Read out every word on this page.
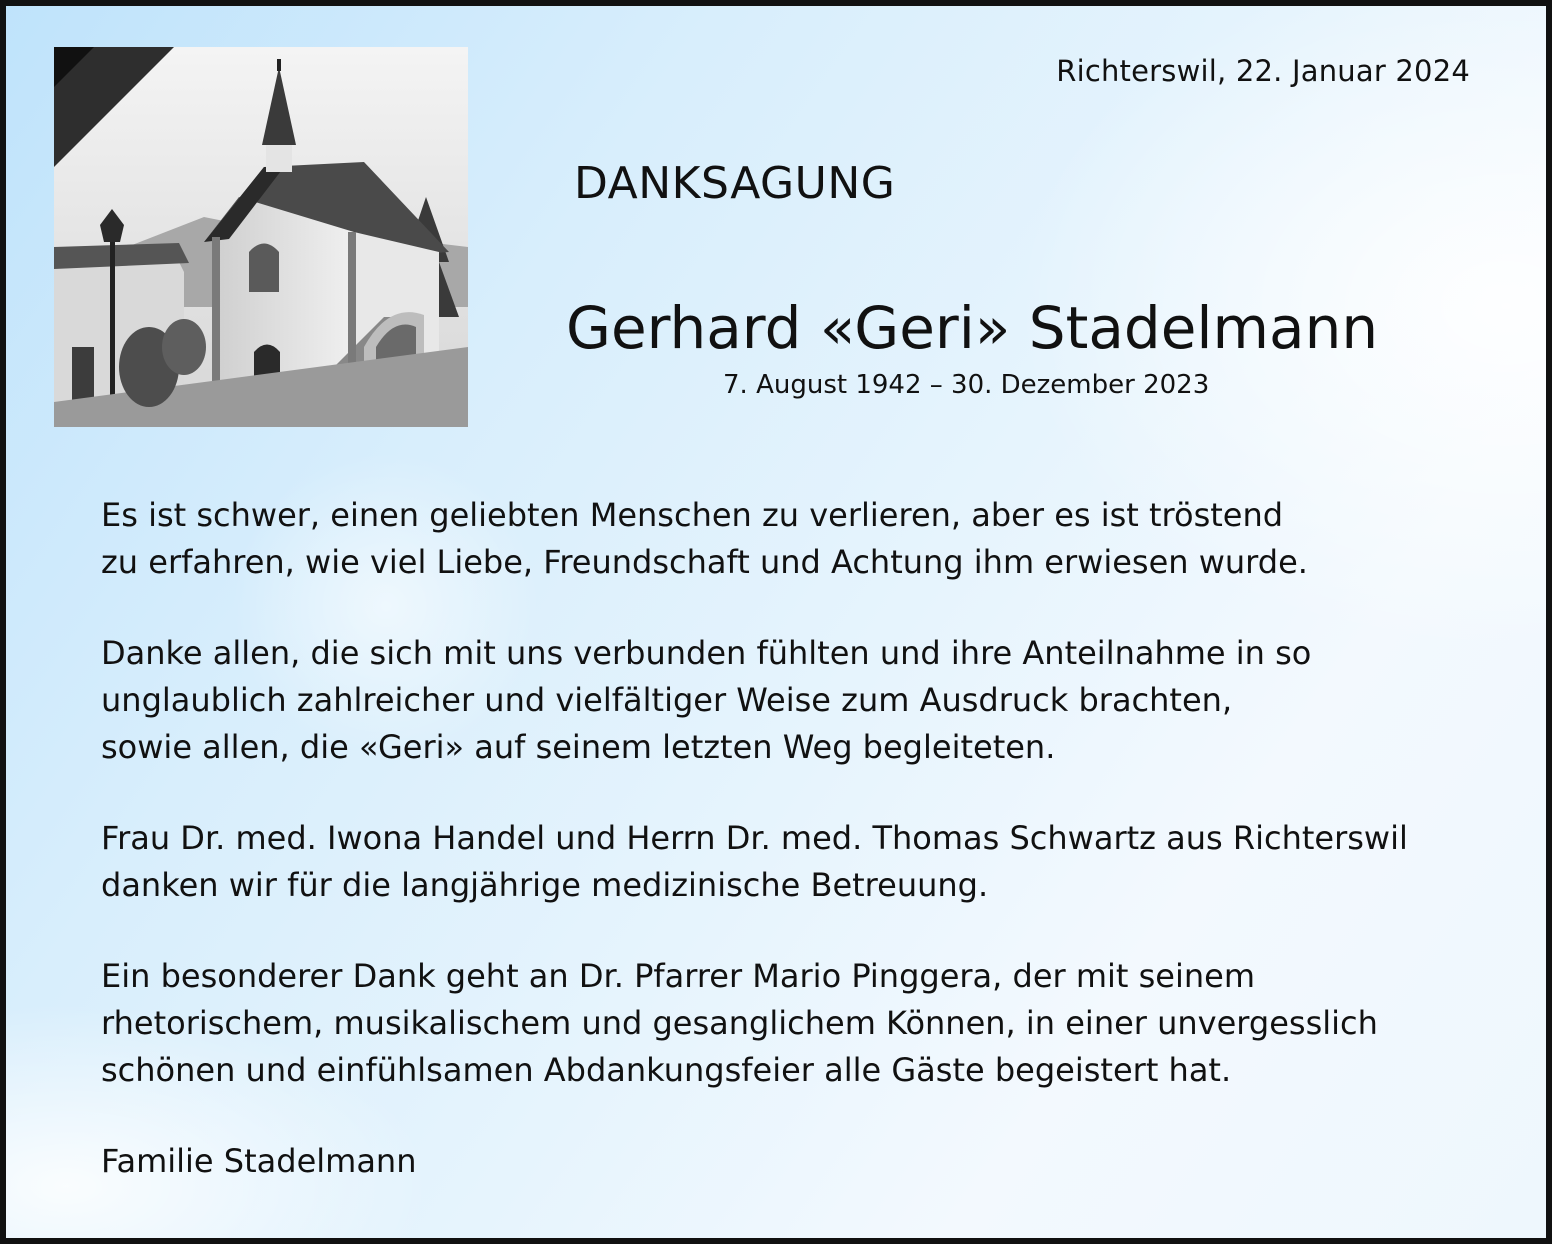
Richterswil, 22. Januar 2024
DANKSAGUNG
Gerhard «Geri» Stadelmann
7. August 1942 – 30. Dezember 2023
Es ist schwer, einen geliebten Menschen zu verlieren, aber es ist tröstend
zu erfahren, wie viel Liebe, Freundschaft und Achtung ihm erwiesen wurde.
Danke allen, die sich mit uns verbunden fühlten und ihre Anteilnahme in so
unglaublich zahlreicher und vielfältiger Weise zum Ausdruck brachten,
sowie allen, die «Geri» auf seinem letzten Weg begleiteten.
Frau Dr. med. Iwona Handel und Herrn Dr. med. Thomas Schwartz aus Richterswil
danken wir für die langjährige medizinische Betreuung.
Ein besonderer Dank geht an Dr. Pfarrer Mario Pinggera, der mit seinem
rhetorischem, musikalischem und gesanglichem Können, in einer unvergesslich
schönen und einfühlsamen Abdankungsfeier alle Gäste begeistert hat.
Familie Stadelmann
